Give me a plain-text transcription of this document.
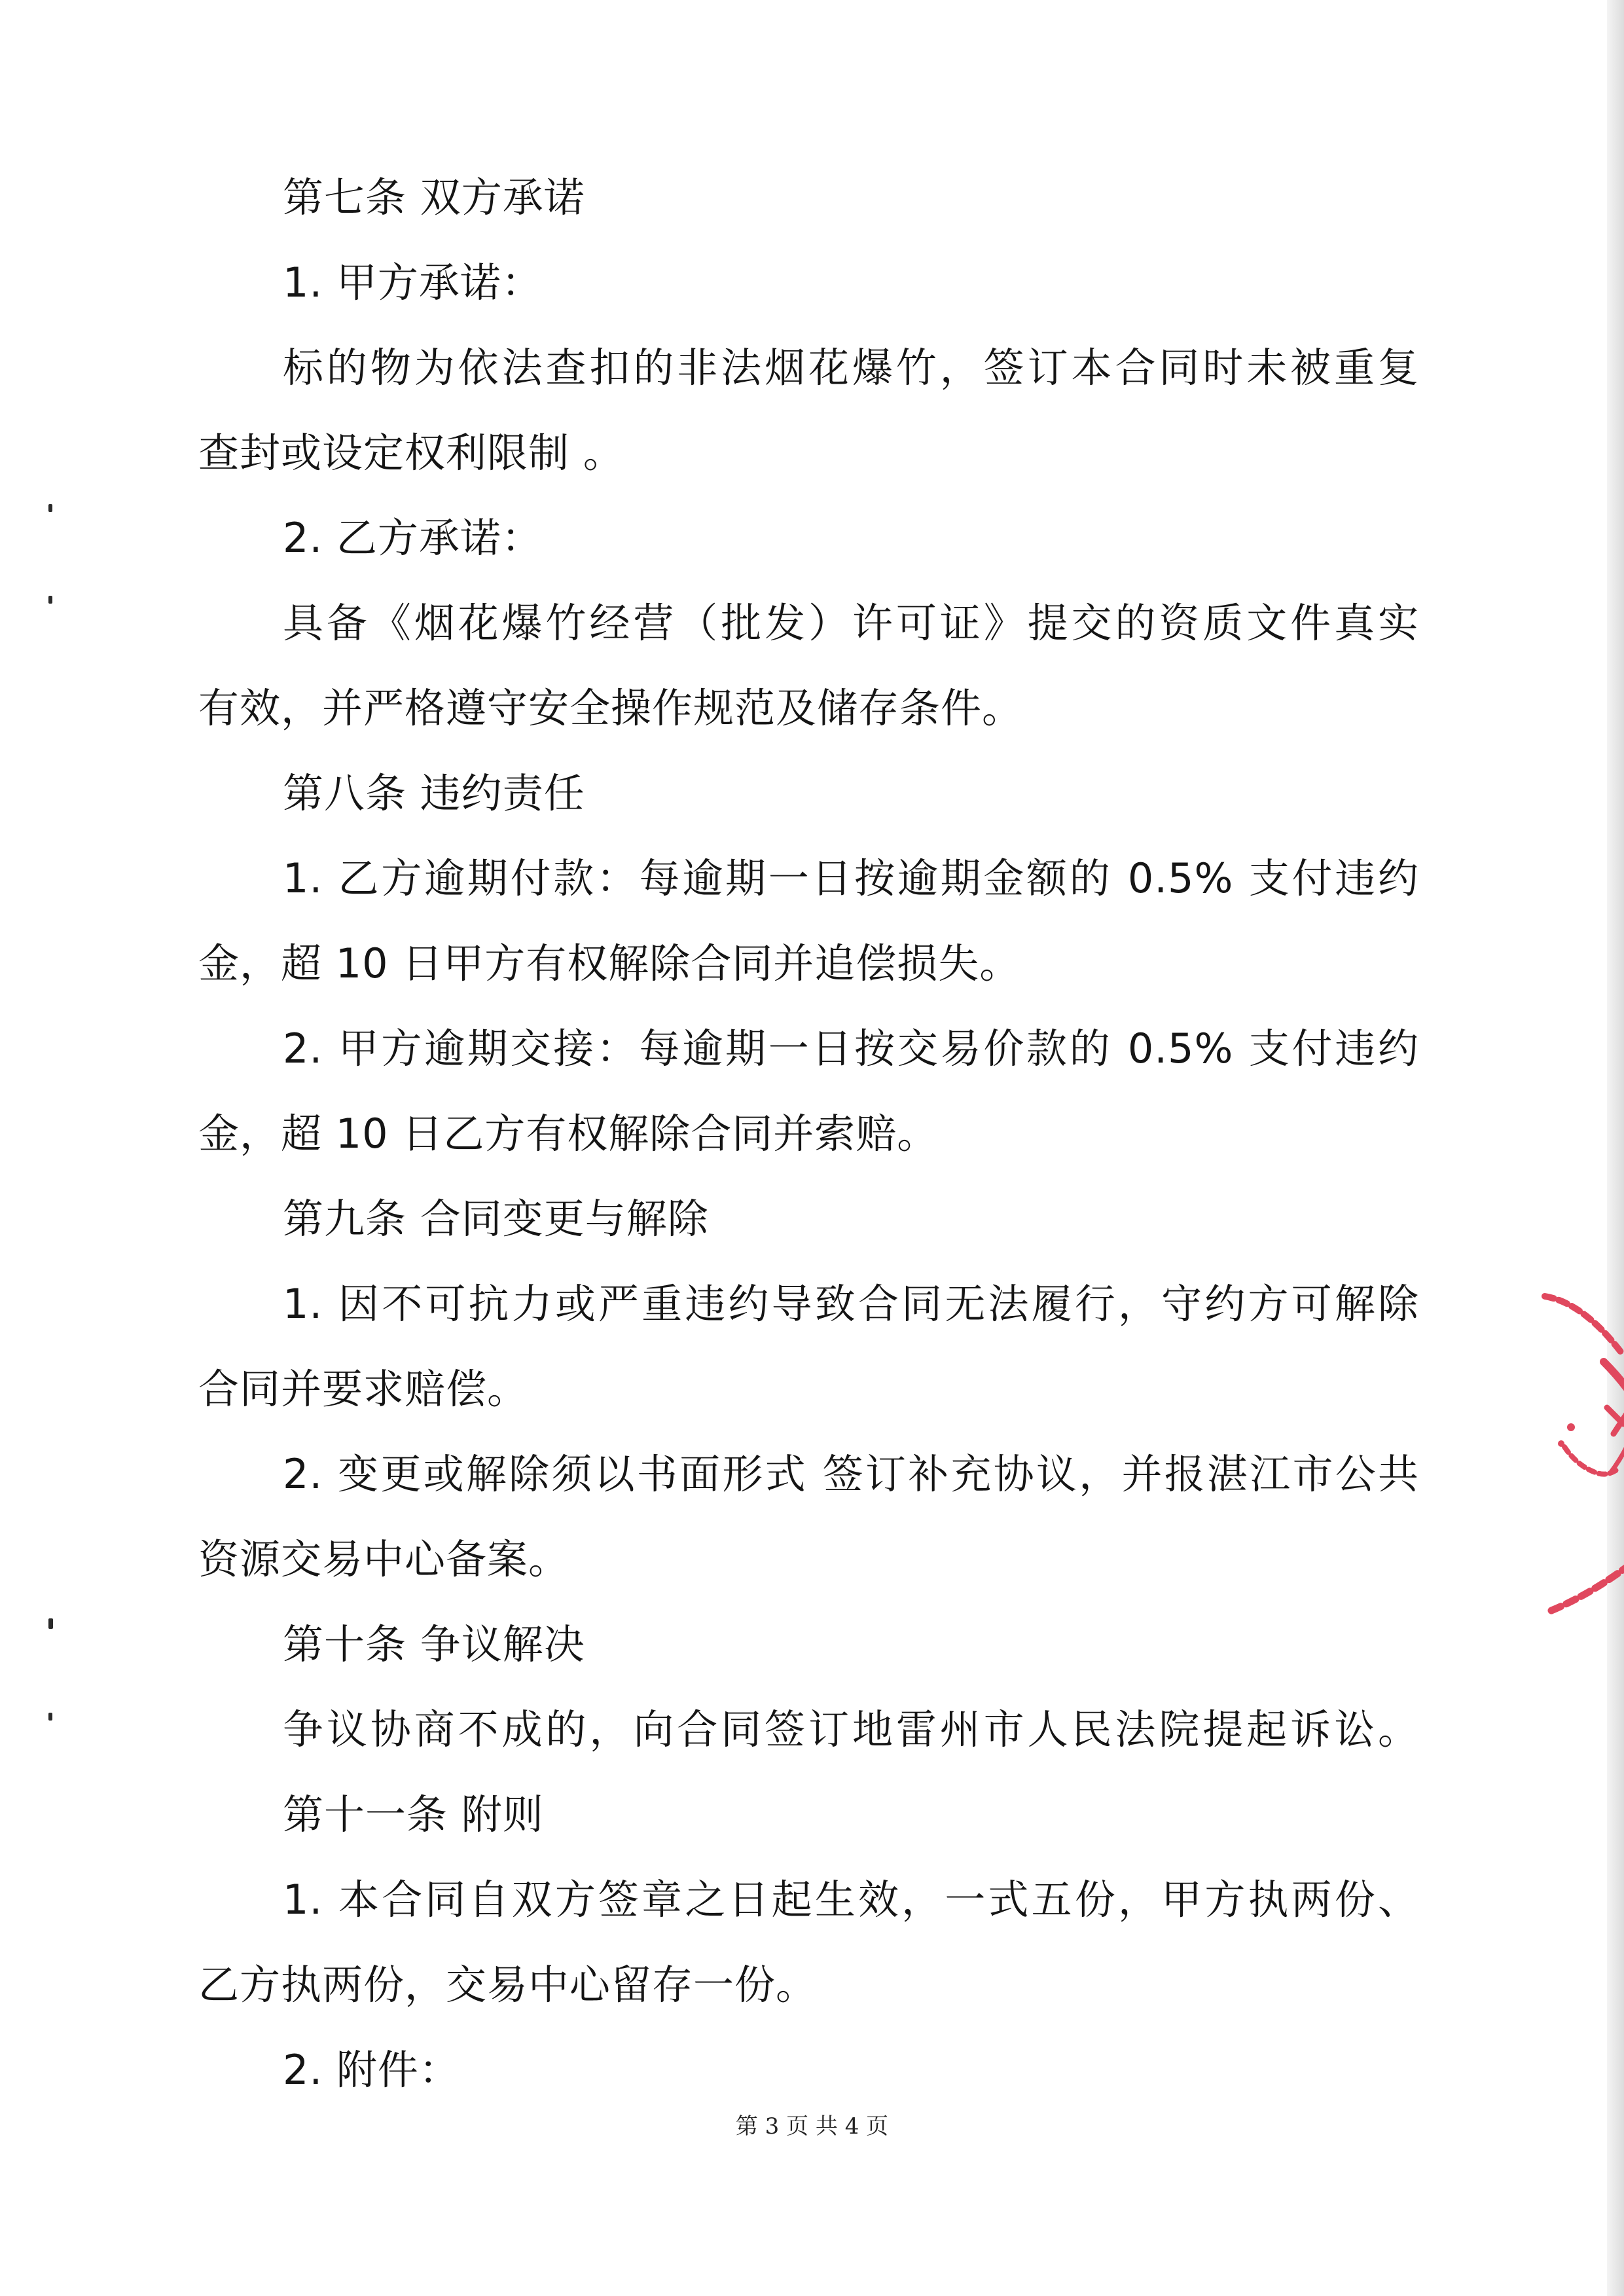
第七条 双方承诺

1. 甲方承诺：

标的物为依法查扣的非法烟花爆竹，签订本合同时未被重复

查封或设定权利限制 。

2. 乙方承诺：

具备《烟花爆竹经营（批发）许可证》提交的资质文件真实

有效，并严格遵守安全操作规范及储存条件。

第八条 违约责任

1. 乙方逾期付款：每逾期一日按逾期金额的 0.5% 支付违约

金，超 10 日甲方有权解除合同并追偿损失。

2. 甲方逾期交接：每逾期一日按交易价款的 0.5% 支付违约

金，超 10 日乙方有权解除合同并索赔。

第九条 合同变更与解除

1. 因不可抗力或严重违约导致合同无法履行，守约方可解除

合同并要求赔偿。

2. 变更或解除须以书面形式 签订补充协议，并报湛江市公共

资源交易中心备案。

第十条 争议解决

争议协商不成的，向合同签订地雷州市人民法院提起诉讼。

第十一条 附则

1. 本合同自双方签章之日起生效，一式五份，甲方执两份、

乙方执两份，交易中心留存一份。

2. 附件：

第 3 页 共 4 页
